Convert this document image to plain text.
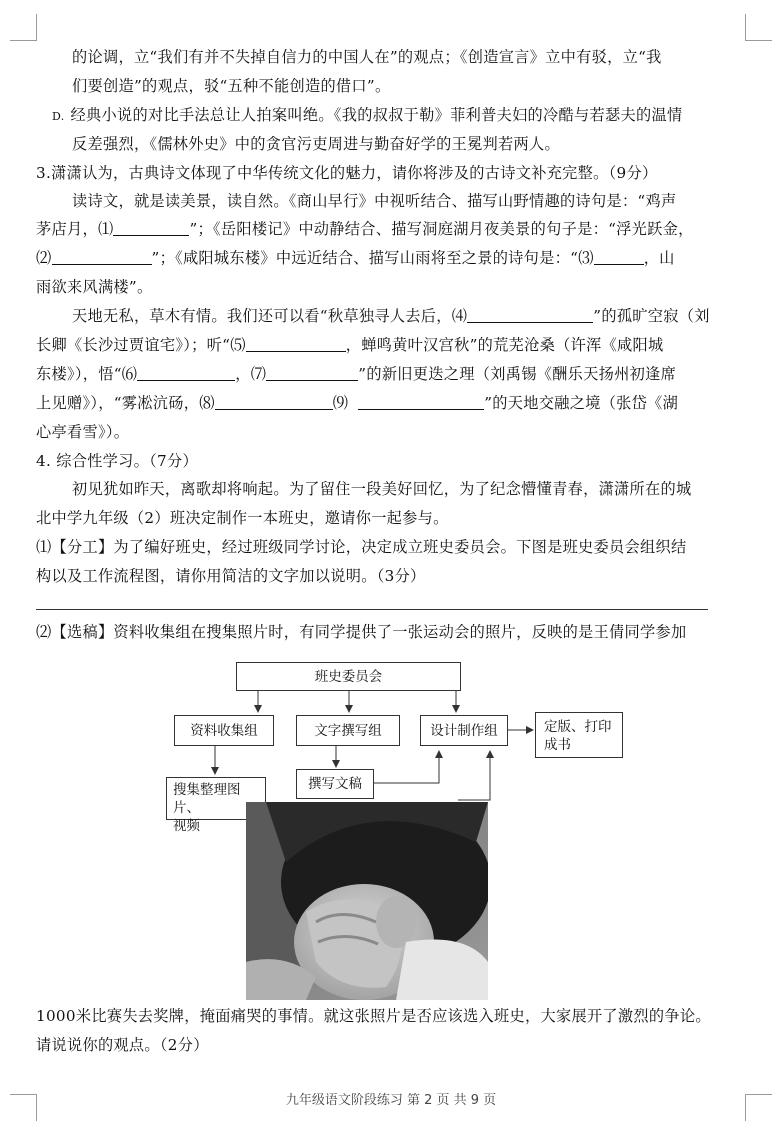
的论调，立“我们有并不失掉自信力的中国人在”的观点；《创造宣言》立中有驳，立“我
们要创造”的观点，驳“五种不能创造的借口”。
D. 经典小说的对比手法总让人拍案叫绝。《我的叔叔于勒》菲利普夫妇的冷酷与若瑟夫的温情
反差强烈，《儒林外史》中的贪官污吏周进与勤奋好学的王冕判若两人。
3.潇潇认为，古典诗文体现了中华传统文化的魅力，请你将涉及的古诗文补充完整。（9分）
读诗文，就是读美景，读自然。《商山早行》中视听结合、描写山野情趣的诗句是：“鸡声
茅店月，⑴	”；《岳阳楼记》中动静结合、描写洞庭湖月夜美景的句子是：“浮光跃金，
⑵	”；《咸阳城东楼》中远近结合、描写山雨将至之景的诗句是：“⑶	，山
雨欲来风满楼”。
天地无私，草木有情。我们还可以看“秋草独寻人去后，⑷	”的孤旷空寂（刘
长卿《长沙过贾谊宅》）；听“⑸	，蝉鸣黄叶汉宫秋”的荒芜沧桑（许浑《咸阳城
东楼》），悟“⑹	，⑺	”的新旧更迭之理（刘禹锡《酬乐天扬州初逢席
上见赠》），“雾凇沆砀，⑻	⑼	”的天地交融之境（张岱《湖
心亭看雪》）。
4. 综合性学习。（7分）
初见犹如昨天，离歌却将响起。为了留住一段美好回忆，为了纪念懵懂青春，潇潇所在的城
北中学九年级（2）班决定制作一本班史，邀请你一起参与。
⑴【分工】为了编好班史，经过班级同学讨论，决定成立班史委员会。下图是班史委员会组织结
构以及工作流程图，请你用简洁的文字加以说明。（3分）
⑵【选稿】资料收集组在搜集照片时，有同学提供了一张运动会的照片，反映的是王倩同学参加
班史委员会
资料收集组	文字撰写组	设计制作组	定版、打印
成书
搜集整理图片、
视频
撰写文稿
1000米比赛失去奖牌，掩面痛哭的事情。就这张照片是否应该选入班史，大家展开了激烈的争论。
请说说你的观点。（2分）
九年级语文阶段练习 第 2 页 共 9 页
